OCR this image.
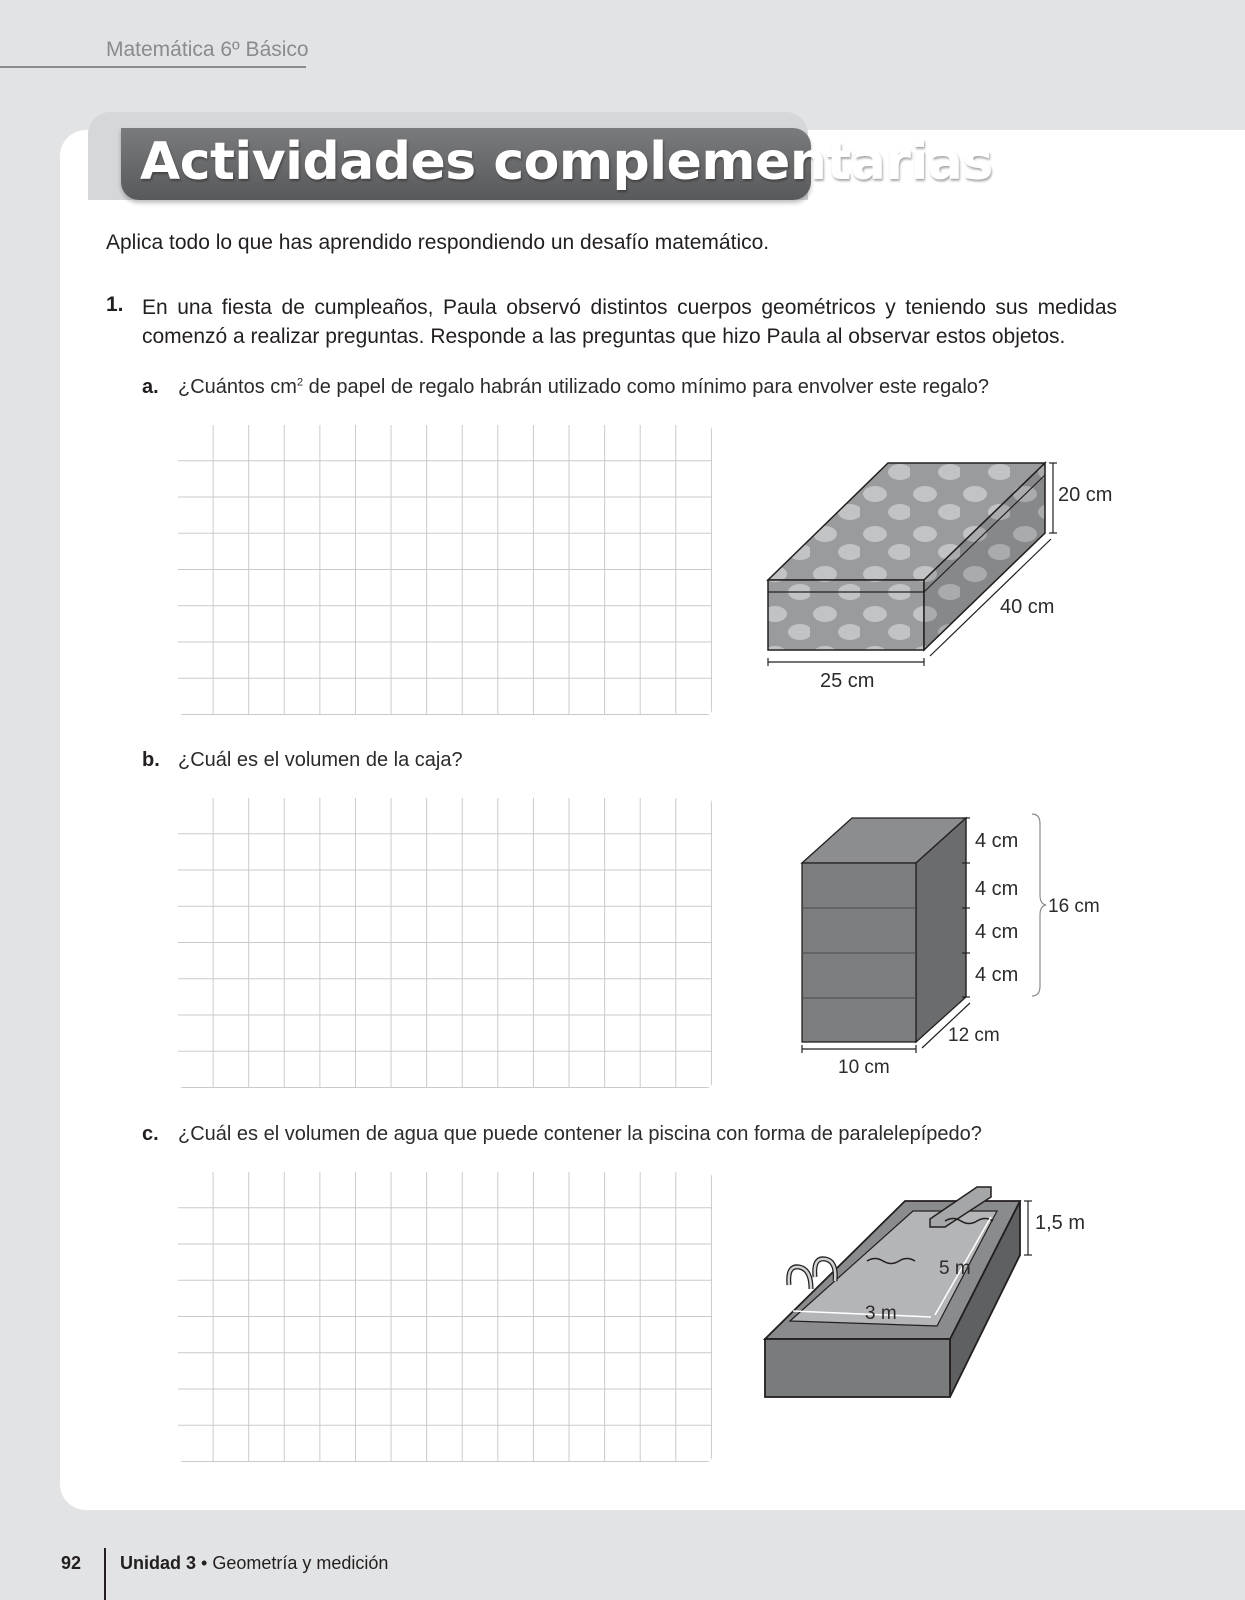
Matemática 6º Básico
Actividades complementarias
Aplica todo lo que has aprendido respondiendo un desafío matemático.
1. En una fiesta de cumpleaños, Paula observó distintos cuerpos geométricos y teniendo sus medidas comenzó a realizar preguntas. Responde a las preguntas que hizo Paula al observar estos objetos.
a. ¿Cuántos $cm^2$ de papel de regalo habrán utilizado como mínimo para envolver este regalo?
20 cm
40 cm
25 cm
b. ¿Cuál es el volumen de la caja?
4 cm
4 cm
4 cm
4 cm
16 cm
12 cm
10 cm
c. ¿Cuál es el volumen de agua que puede contener la piscina con forma de paralelepípedo?
1,5 m
5 m
3 m
92 Unidad 3 • Geometría y medición
